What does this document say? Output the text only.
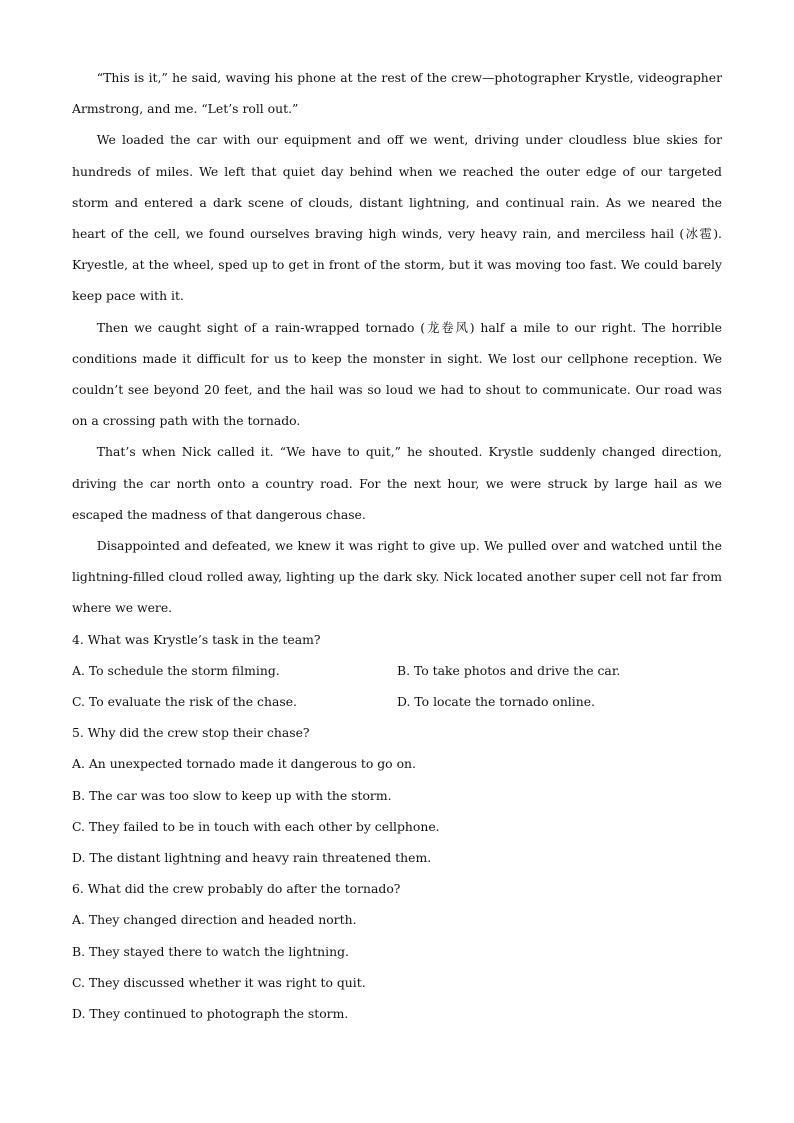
“This is it,” he said, waving his phone at the rest of the crew—photographer Krystle, videographer Armstrong, and me. “Let’s roll out.”

We loaded the car with our equipment and off we went, driving under cloudless blue skies for hundreds of miles. We left that quiet day behind when we reached the outer edge of our targeted storm and entered a dark scene of clouds, distant lightning, and continual rain. As we neared the heart of the cell, we found ourselves braving high winds, very heavy rain, and merciless hail (冰雹). Kryestle, at the wheel, sped up to get in front of the storm, but it was moving too fast. We could barely keep pace with it.

Then we caught sight of a rain-wrapped tornado (龙卷风) half a mile to our right. The horrible conditions made it difficult for us to keep the monster in sight. We lost our cellphone reception. We couldn’t see beyond 20 feet, and the hail was so loud we had to shout to communicate. Our road was on a crossing path with the tornado.

That’s when Nick called it. “We have to quit,” he shouted. Krystle suddenly changed direction, driving the car north onto a country road. For the next hour, we were struck by large hail as we escaped the madness of that dangerous chase.

Disappointed and defeated, we knew it was right to give up. We pulled over and watched until the lightning-filled cloud rolled away, lighting up the dark sky. Nick located another super cell not far from where we were.

4. What was Krystle’s task in the team?
A. To schedule the storm filming.	B. To take photos and drive the car.
C. To evaluate the risk of the chase.	D. To locate the tornado online.
5. Why did the crew stop their chase?
A. An unexpected tornado made it dangerous to go on.
B. The car was too slow to keep up with the storm.
C. They failed to be in touch with each other by cellphone.
D. The distant lightning and heavy rain threatened them.
6. What did the crew probably do after the tornado?
A. They changed direction and headed north.
B. They stayed there to watch the lightning.
C. They discussed whether it was right to quit.
D. They continued to photograph the storm.
